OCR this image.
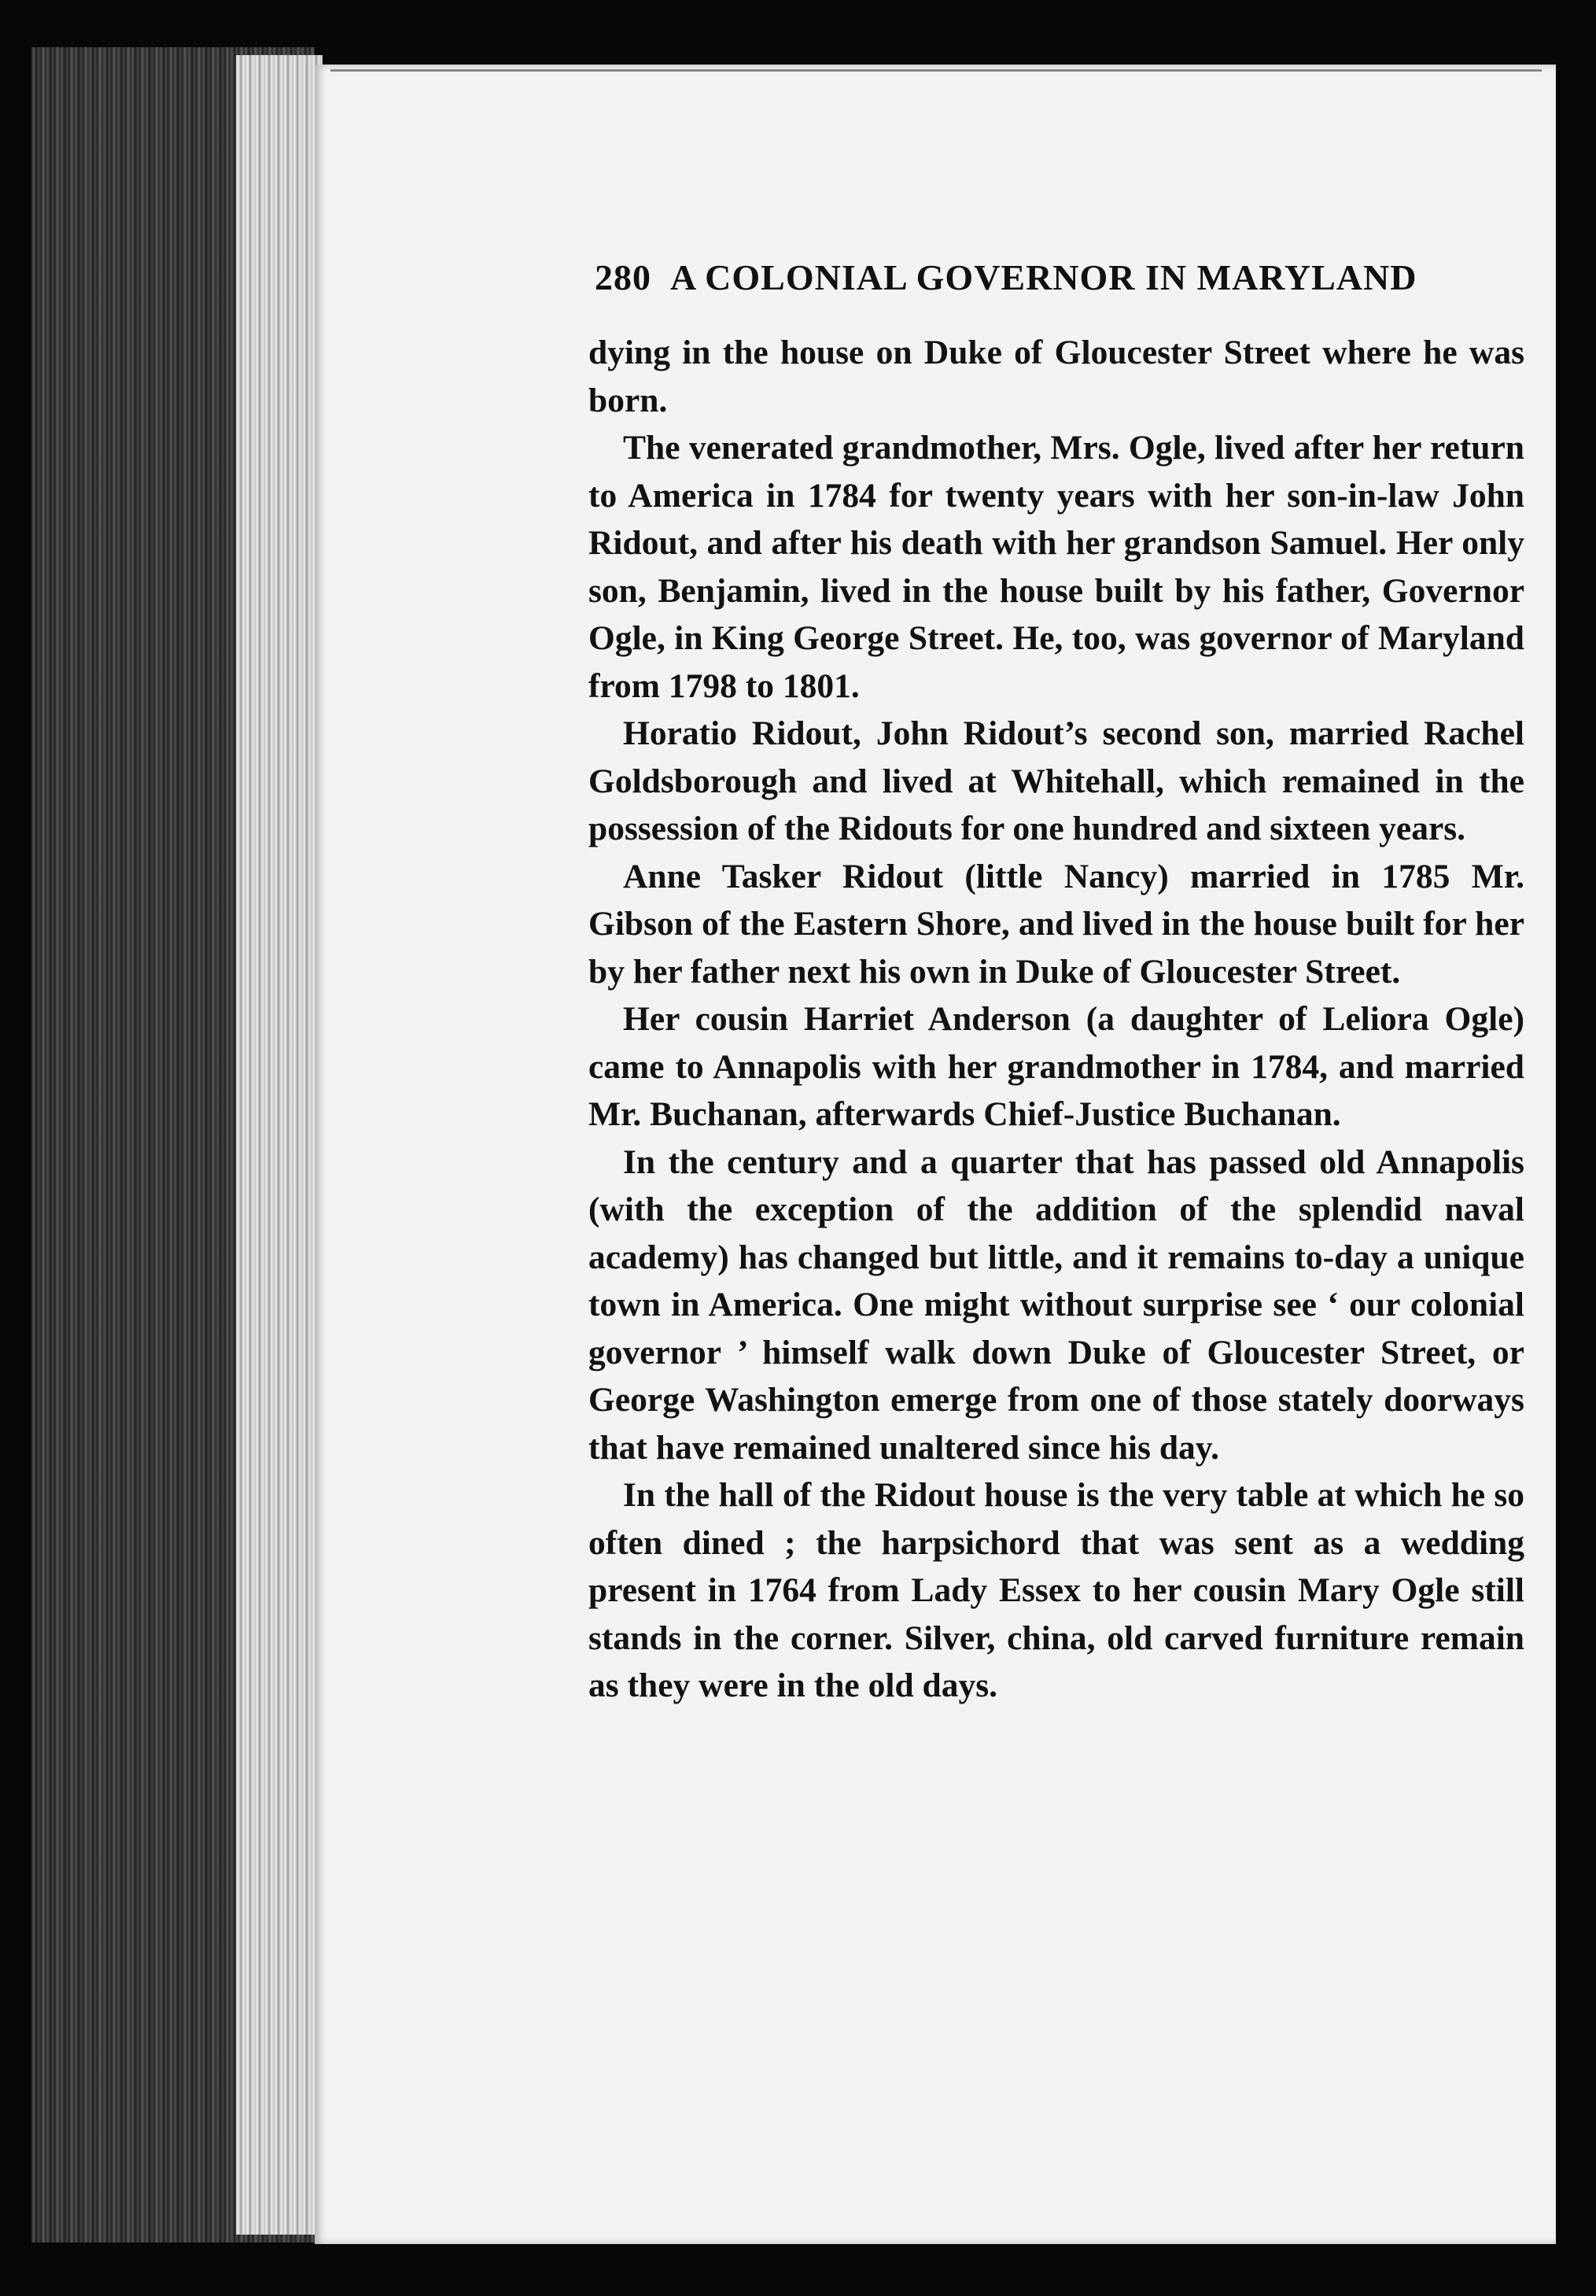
280 A COLONIAL GOVERNOR IN MARYLAND

dying in the house on Duke of Gloucester Street where he was born.

The venerated grandmother, Mrs. Ogle, lived after her return to America in 1784 for twenty years with her son-in-law John Ridout, and after his death with her grandson Samuel. Her only son, Benjamin, lived in the house built by his father, Governor Ogle, in King George Street. He, too, was governor of Maryland from 1798 to 1801.

Horatio Ridout, John Ridout’s second son, married Rachel Goldsborough and lived at Whitehall, which remained in the possession of the Ridouts for one hundred and sixteen years.

Anne Tasker Ridout (little Nancy) married in 1785 Mr. Gibson of the Eastern Shore, and lived in the house built for her by her father next his own in Duke of Gloucester Street.

Her cousin Harriet Anderson (a daughter of Leliora Ogle) came to Annapolis with her grandmother in 1784, and married Mr. Buchanan, afterwards Chief-Justice Buchanan.

In the century and a quarter that has passed old Annapolis (with the exception of the addition of the splendid naval academy) has changed but little, and it remains to-day a unique town in America. One might without surprise see ‘ our colonial governor ’ himself walk down Duke of Gloucester Street, or George Washington emerge from one of those stately doorways that have remained unaltered since his day.

In the hall of the Ridout house is the very table at which he so often dined ; the harpsichord that was sent as a wedding present in 1764 from Lady Essex to her cousin Mary Ogle still stands in the corner. Silver, china, old carved furniture remain as they were in the old days.
